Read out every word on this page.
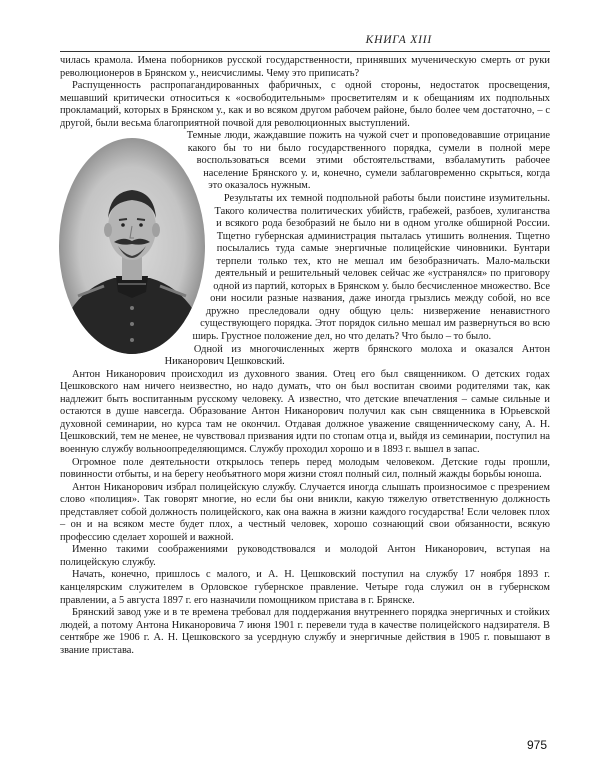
КНИГА XIII

чилась крамола. Имена поборников русской государственности, принявших мученическую смерть от руки революционеров в Брянском у., неисчислимы. Чему это приписать?

Распущенность распропагандированных фабричных, с одной стороны, недостаток просвещения, мешавший критически относиться к «освободительным» просветителям и к обещаниям их подпольных прокламаций, которых в Брянском у., как и во всяком другом рабочем районе, было более чем достаточно, – с другой, были весьма благоприятной почвой для революционных выступлений.

Темные люди, жаждавшие пожить на чужой счет и проповедовавшие отрицание какого бы то ни было государственного порядка, сумели в полной мере воспользоваться всеми этими обстоятельствами, взбаламутить рабочее население Брянского у. и, конечно, сумели заблаговременно скрыться, когда это оказалось нужным.

Результаты их темной подпольной работы были поистине изумительны. Такого количества политических убийств, грабежей, разбоев, хулиганства и всякого рода безобразий не было ни в одном уголке обширной России. Тщетно губернская администрация пыталась утишить волнения. Тщетно посылались туда самые энергичные полицейские чиновники. Бунтари терпели только тех, кто не мешал им безобразничать. Мало-мальски деятельный и решительный человек сейчас же «устранялся» по приговору одной из партий, которых в Брянском у. было бесчисленное множество. Все они носили разные названия, даже иногда грызлись между собой, но все дружно преследовали одну общую цель: низвержение ненавистного существующего порядка. Этот порядок сильно мешал им развернуться во всю ширь. Грустное положение дел, но что делать? Что было – то было.

Одной из многочисленных жертв брянского молоха и оказался Антон Никанорович Цешковский.

Антон Никанорович происходил из духовного звания. Отец его был священником. О детских годах Цешковского нам ничего неизвестно, но надо думать, что он был воспитан своими родителями так, как надлежит быть воспитанным русскому человеку. А известно, что детские впечатления – самые сильные и остаются в душе навсегда. Образование Антон Никанорович получил как сын священника в Юрьевской духовной семинарии, но курса там не окончил. Отдавая должное уважение священническому сану, А. Н. Цешковский, тем не менее, не чувствовал призвания идти по стопам отца и, выйдя из семинарии, поступил на военную службу вольноопределяющимся. Службу проходил хорошо и в 1893 г. вышел в запас.

Огромное поле деятельности открылось теперь перед молодым человеком. Детские годы прошли, повинности отбыты, и на берегу необъятного моря жизни стоял полный сил, полный жажды борьбы юноша.

Антон Никанорович избрал полицейскую службу. Случается иногда слышать произносимое с презрением слово «полиция». Так говорят многие, но если бы они вникли, какую тяжелую ответственную должность представляет собой должность полицейского, как она важна в жизни каждого государства! Если человек плох – он и на всяком месте будет плох, а честный человек, хорошо сознающий свои обязанности, всякую профессию сделает хорошей и важной.

Именно такими соображениями руководствовался и молодой Антон Никанорович, вступая на полицейскую службу.

Начать, конечно, пришлось с малого, и А. Н. Цешковский поступил на службу 17 ноября 1893 г. канцелярским служителем в Орловское губернское правление. Четыре года служил он в губернском правлении, а 5 августа 1897 г. его назначили помощником пристава в г. Брянске.

Брянский завод уже и в те времена требовал для поддержания внутреннего порядка энергичных и стойких людей, а потому Антона Никаноровича 7 июня 1901 г. перевели туда в качестве полицейского надзирателя. В сентябре же 1906 г. А. Н. Цешковского за усердную службу и энергичные действия в 1905 г. повышают в звание пристава.

975
